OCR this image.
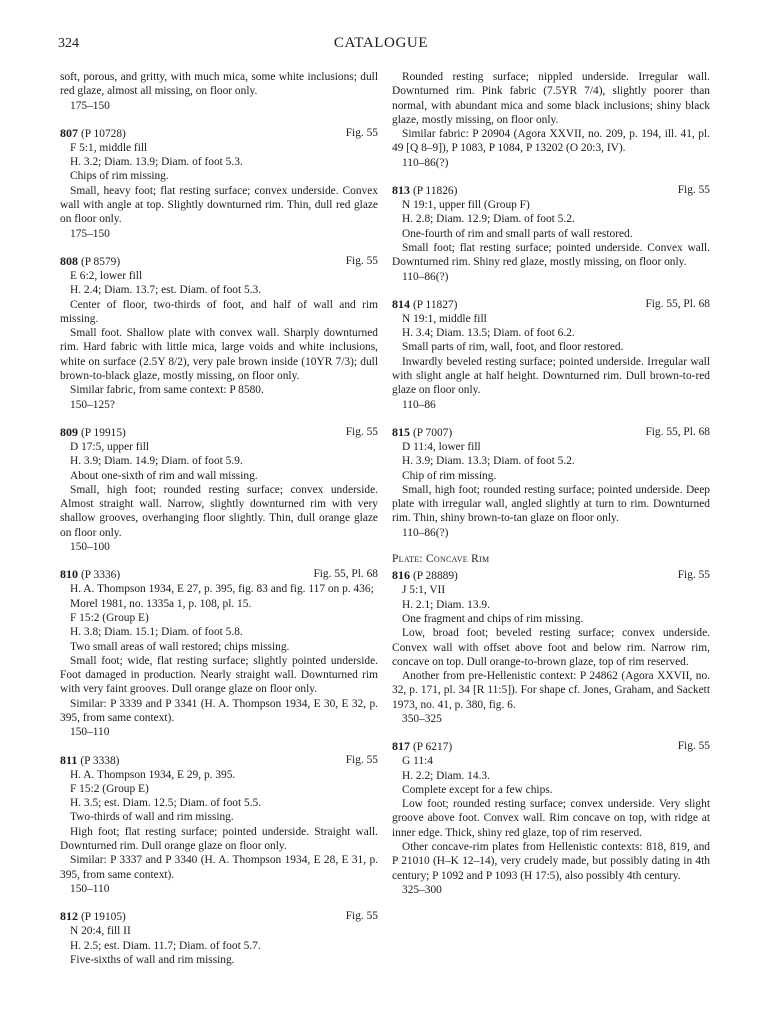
324	CATALOGUE

soft, porous, and gritty, with much mica, some white inclusions; dull red glaze, almost all missing, on floor only.

175–150

807 (P 10728)	Fig. 55

F 5:1, middle fill

H. 3.2; Diam. 13.9; Diam. of foot 5.3.

Chips of rim missing.

Small, heavy foot; flat resting surface; convex underside. Convex wall with angle at top. Slightly downturned rim. Thin, dull red glaze on floor only.

175–150

808 (P 8579)	Fig. 55

E 6:2, lower fill

H. 2.4; Diam. 13.7; est. Diam. of foot 5.3.

Center of floor, two-thirds of foot, and half of wall and rim missing.

Small foot. Shallow plate with convex wall. Sharply downturned rim. Hard fabric with little mica, large voids and white inclusions, white on surface (2.5Y 8/2), very pale brown inside (10YR 7/3); dull brown-to-black glaze, mostly missing, on floor only.

Similar fabric, from same context: P 8580.

150–125?

809 (P 19915)	Fig. 55

D 17:5, upper fill

H. 3.9; Diam. 14.9; Diam. of foot 5.9.

About one-sixth of rim and wall missing.

Small, high foot; rounded resting surface; convex underside. Almost straight wall. Narrow, slightly downturned rim with very shallow grooves, overhanging floor slightly. Thin, dull orange glaze on floor only.

150–100

810 (P 3336)	Fig. 55, Pl. 68

H. A. Thompson 1934, E 27, p. 395, fig. 83 and fig. 117 on p. 436; Morel 1981, no. 1335a 1, p. 108, pl. 15.

F 15:2 (Group E)

H. 3.8; Diam. 15.1; Diam. of foot 5.8.

Two small areas of wall restored; chips missing.

Small foot; wide, flat resting surface; slightly pointed underside. Foot damaged in production. Nearly straight wall. Downturned rim with very faint grooves. Dull orange glaze on floor only.

Similar: P 3339 and P 3341 (H. A. Thompson 1934, E 30, E 32, p. 395, from same context).

150–110

811 (P 3338)	Fig. 55

H. A. Thompson 1934, E 29, p. 395.

F 15:2 (Group E)

H. 3.5; est. Diam. 12.5; Diam. of foot 5.5.

Two-thirds of wall and rim missing.

High foot; flat resting surface; pointed underside. Straight wall. Downturned rim. Dull orange glaze on floor only.

Similar: P 3337 and P 3340 (H. A. Thompson 1934, E 28, E 31, p. 395, from same context).

150–110

812 (P 19105)	Fig. 55

N 20:4, fill II

H. 2.5; est. Diam. 11.7; Diam. of foot 5.7.

Five-sixths of wall and rim missing.

Rounded resting surface; nippled underside. Irregular wall. Downturned rim. Pink fabric (7.5YR 7/4), slightly poorer than normal, with abundant mica and some black inclusions; shiny black glaze, mostly missing, on floor only.

Similar fabric: P 20904 (Agora XXVII, no. 209, p. 194, ill. 41, pl. 49 [Q 8–9]), P 1083, P 1084, P 13202 (O 20:3, IV).

110–86(?)

813 (P 11826)	Fig. 55

N 19:1, upper fill (Group F)

H. 2.8; Diam. 12.9; Diam. of foot 5.2.

One-fourth of rim and small parts of wall restored.

Small foot; flat resting surface; pointed underside. Convex wall. Downturned rim. Shiny red glaze, mostly missing, on floor only.

110–86(?)

814 (P 11827)	Fig. 55, Pl. 68

N 19:1, middle fill

H. 3.4; Diam. 13.5; Diam. of foot 6.2.

Small parts of rim, wall, foot, and floor restored.

Inwardly beveled resting surface; pointed underside. Irregular wall with slight angle at half height. Downturned rim. Dull brown-to-red glaze on floor only.

110–86

815 (P 7007)	Fig. 55, Pl. 68

D 11:4, lower fill

H. 3.9; Diam. 13.3; Diam. of foot 5.2.

Chip of rim missing.

Small, high foot; rounded resting surface; pointed underside. Deep plate with irregular wall, angled slightly at turn to rim. Downturned rim. Thin, shiny brown-to-tan glaze on floor only.

110–86(?)

Plate: Concave Rim

816 (P 28889)	Fig. 55

J 5:1, VII

H. 2.1; Diam. 13.9.

One fragment and chips of rim missing.

Low, broad foot; beveled resting surface; convex underside. Convex wall with offset above foot and below rim. Narrow rim, concave on top. Dull orange-to-brown glaze, top of rim reserved.

Another from pre-Hellenistic context: P 24862 (Agora XXVII, no. 32, p. 171, pl. 34 [R 11:5]). For shape cf. Jones, Graham, and Sackett 1973, no. 41, p. 380, fig. 6.

350–325

817 (P 6217)	Fig. 55

G 11:4

H. 2.2; Diam. 14.3.

Complete except for a few chips.

Low foot; rounded resting surface; convex underside. Very slight groove above foot. Convex wall. Rim concave on top, with ridge at inner edge. Thick, shiny red glaze, top of rim reserved.

Other concave-rim plates from Hellenistic contexts: 818, 819, and P 21010 (H–K 12–14), very crudely made, but possibly dating in 4th century; P 1092 and P 1093 (H 17:5), also possibly 4th century.

325–300
